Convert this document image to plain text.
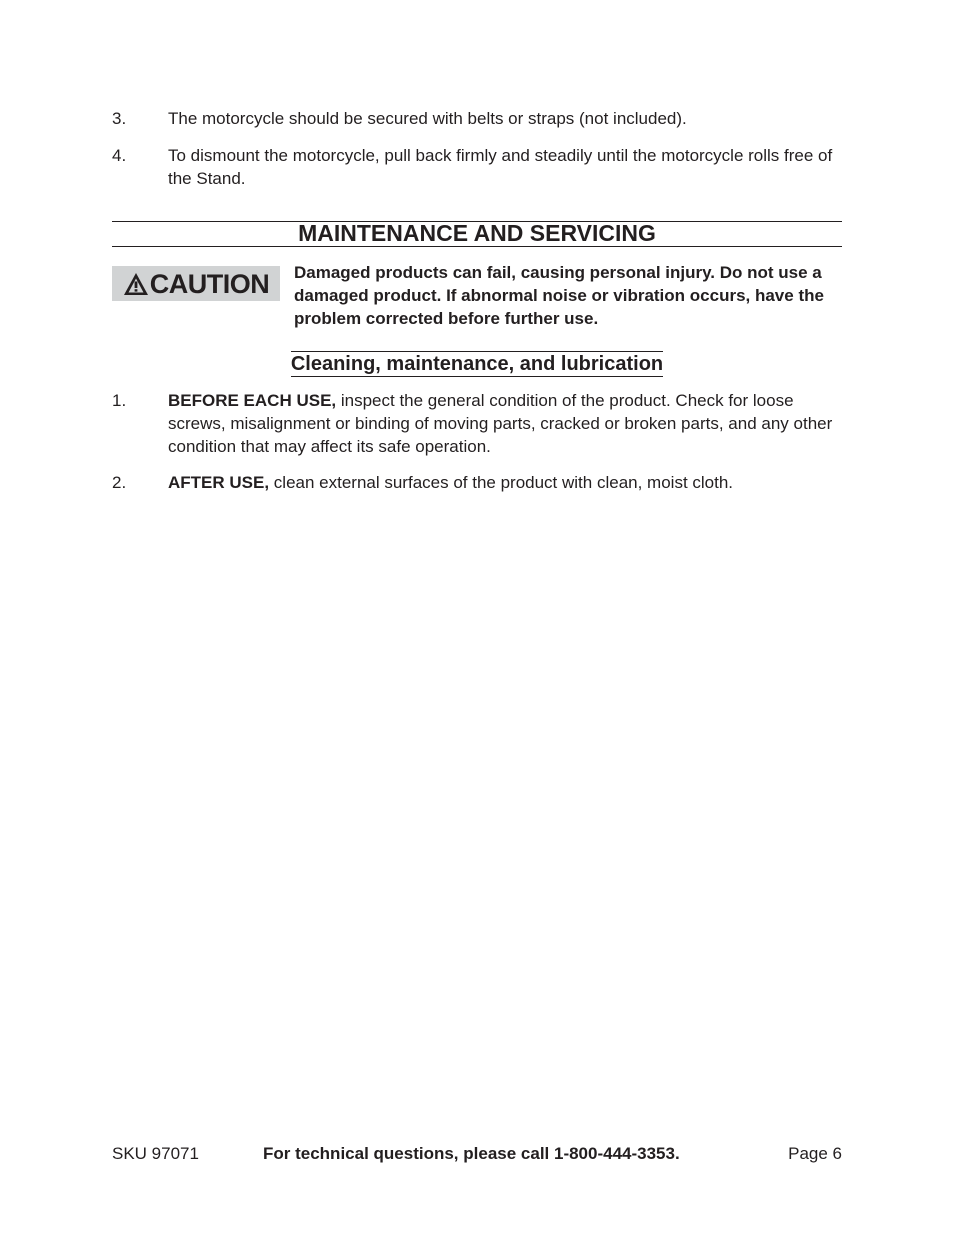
3.	The motorcycle should be secured with belts or straps (not included).
4.	To dismount the motorcycle, pull back firmly and steadily until the motorcycle rolls free of the Stand.
MAINTENANCE AND SERVICING
CAUTION Damaged products can fail, causing personal injury. Do not use a damaged product. If abnormal noise or vibration occurs, have the problem corrected before further use.
Cleaning, maintenance, and lubrication
1.	BEFORE EACH USE, inspect the general condition of the product. Check for loose screws, misalignment or binding of moving parts, cracked or broken parts, and any other condition that may affect its safe operation.
2.	AFTER USE, clean external surfaces of the product with clean, moist cloth.
SKU 97071	For technical questions, please call 1-800-444-3353.	Page 6
